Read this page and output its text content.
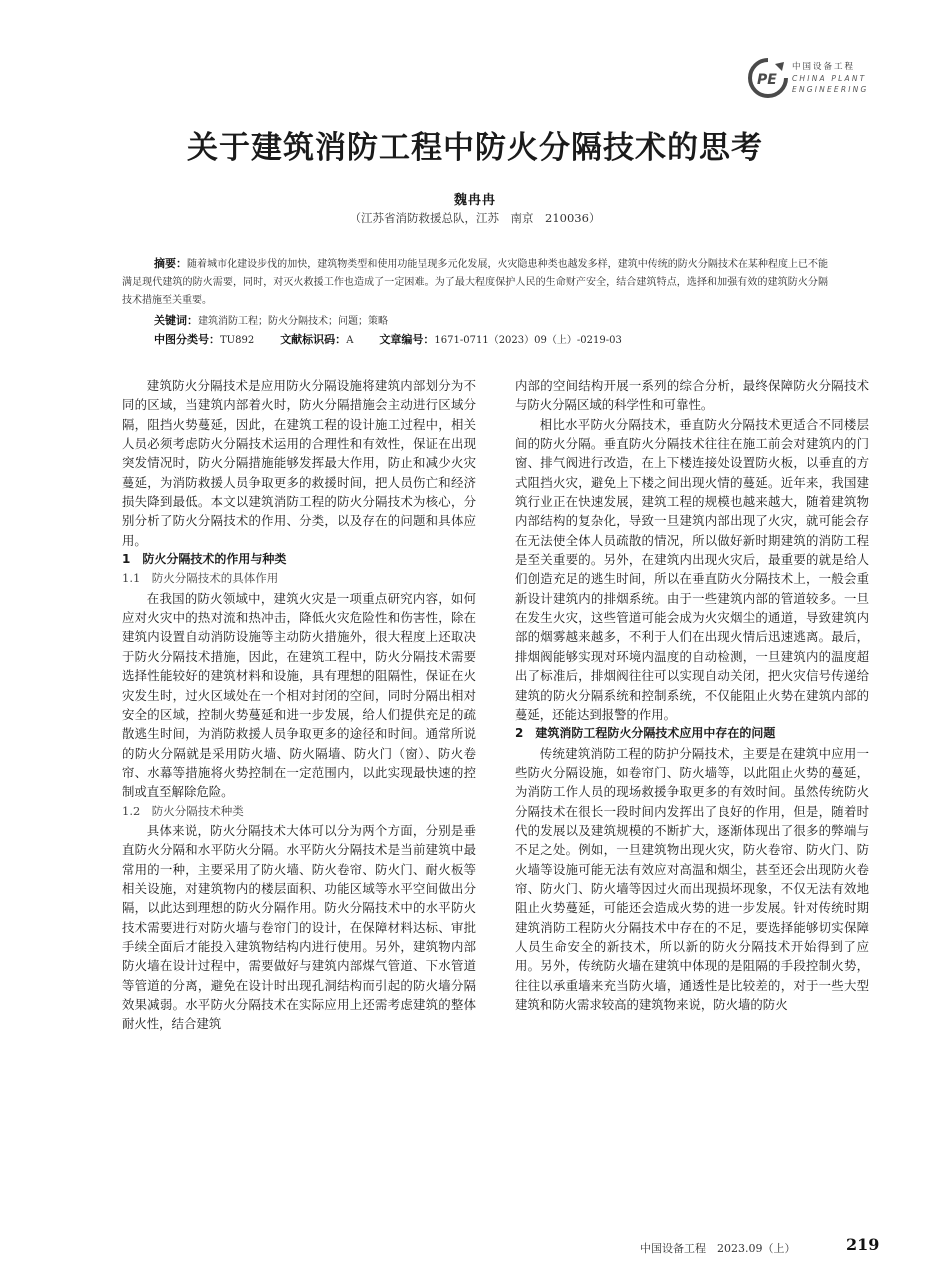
PE
中国设备工程
CHINA PLANT
ENGINEERING
关于建筑消防工程中防火分隔技术的思考
魏冉冉
（江苏省消防救援总队，江苏　南京　210036）
摘要：随着城市化建设步伐的加快，建筑物类型和使用功能呈现多元化发展，火灾隐患种类也越发多样，建筑中传统的防火分隔技术在某种程度上已不能满足现代建筑的防火需要，同时，对灭火救援工作也造成了一定困难。为了最大程度保护人民的生命财产安全，结合建筑特点，选择和加强有效的建筑防火分隔技术措施至关重要。
关键词：建筑消防工程；防火分隔技术；问题；策略
中图分类号：TU892 文献标识码：A 文章编号：1671-0711（2023）09（上）-0219-03

建筑防火分隔技术是应用防火分隔设施将建筑内部划分为不同的区域，当建筑内部着火时，防火分隔措施会主动进行区域分隔，阻挡火势蔓延，因此，在建筑工程的设计施工过程中，相关人员必须考虑防火分隔技术运用的合理性和有效性，保证在出现突发情况时，防火分隔措施能够发挥最大作用，防止和减少火灾蔓延，为消防救援人员争取更多的救援时间，把人员伤亡和经济损失降到最低。本文以建筑消防工程的防火分隔技术为核心，分别分析了防火分隔技术的作用、分类，以及存在的问题和具体应用。

1　防火分隔技术的作用与种类

1.1　防火分隔技术的具体作用

在我国的防火领域中，建筑火灾是一项重点研究内容，如何应对火灾中的热对流和热冲击，降低火灾危险性和伤害性，除在建筑内设置自动消防设施等主动防火措施外，很大程度上还取决于防火分隔技术措施，因此，在建筑工程中，防火分隔技术需要选择性能较好的建筑材料和设施，具有理想的阻隔性，保证在火灾发生时，过火区域处在一个相对封闭的空间，同时分隔出相对安全的区域，控制火势蔓延和进一步发展，给人们提供充足的疏散逃生时间，为消防救援人员争取更多的途径和时间。通常所说的防火分隔就是采用防火墙、防火隔墙、防火门（窗）、防火卷帘、水幕等措施将火势控制在一定范围内，以此实现最快速的控制或直至解除危险。

1.2　防火分隔技术种类

具体来说，防火分隔技术大体可以分为两个方面，分别是垂直防火分隔和水平防火分隔。水平防火分隔技术是当前建筑中最常用的一种，主要采用了防火墙、防火卷帘、防火门、耐火板等相关设施，对建筑物内的楼层面积、功能区域等水平空间做出分隔，以此达到理想的防火分隔作用。防火分隔技术中的水平防火技术需要进行对防火墙与卷帘门的设计，在保障材料达标、审批手续全面后才能投入建筑物结构内进行使用。另外，建筑物内部防火墙在设计过程中，需要做好与建筑内部煤气管道、下水管道等管道的分离，避免在设计时出现孔洞结构而引起的防火墙分隔效果减弱。水平防火分隔技术在实际应用上还需考虑建筑的整体耐火性，结合建筑

内部的空间结构开展一系列的综合分析，最终保障防火分隔技术与防火分隔区域的科学性和可靠性。

相比水平防火分隔技术，垂直防火分隔技术更适合不同楼层间的防火分隔。垂直防火分隔技术往往在施工前会对建筑内的门窗、排气阀进行改造，在上下楼连接处设置防火板，以垂直的方式阻挡火灾，避免上下楼之间出现火情的蔓延。近年来，我国建筑行业正在快速发展，建筑工程的规模也越来越大，随着建筑物内部结构的复杂化，导致一旦建筑内部出现了火灾，就可能会存在无法使全体人员疏散的情况，所以做好新时期建筑的消防工程是至关重要的。另外，在建筑内出现火灾后，最重要的就是给人们创造充足的逃生时间，所以在垂直防火分隔技术上，一般会重新设计建筑内的排烟系统。由于一些建筑内部的管道较多。一旦在发生火灾，这些管道可能会成为火灾烟尘的通道，导致建筑内部的烟雾越来越多，不利于人们在出现火情后迅速逃离。最后，排烟阀能够实现对环境内温度的自动检测，一旦建筑内的温度超出了标准后，排烟阀往往可以实现自动关闭，把火灾信号传递给建筑的防火分隔系统和控制系统，不仅能阻止火势在建筑内部的蔓延，还能达到报警的作用。

2　建筑消防工程防火分隔技术应用中存在的问题

传统建筑消防工程的防护分隔技术，主要是在建筑中应用一些防火分隔设施，如卷帘门、防火墙等，以此阻止火势的蔓延，为消防工作人员的现场救援争取更多的有效时间。虽然传统防火分隔技术在很长一段时间内发挥出了良好的作用，但是，随着时代的发展以及建筑规模的不断扩大，逐渐体现出了很多的弊端与不足之处。例如，一旦建筑物出现火灾，防火卷帘、防火门、防火墙等设施可能无法有效应对高温和烟尘，甚至还会出现防火卷帘、防火门、防火墙等因过火而出现损坏现象，不仅无法有效地阻止火势蔓延，可能还会造成火势的进一步发展。针对传统时期建筑消防工程防火分隔技术中存在的不足，要选择能够切实保障人员生命安全的新技术，所以新的防火分隔技术开始得到了应用。另外，传统防火墙在建筑中体现的是阻隔的手段控制火势，往往以承重墙来充当防火墙，通透性是比较差的，对于一些大型建筑和防火需求较高的建筑物来说，防火墙的防火

中国设备工程　2023.09（上）	219
